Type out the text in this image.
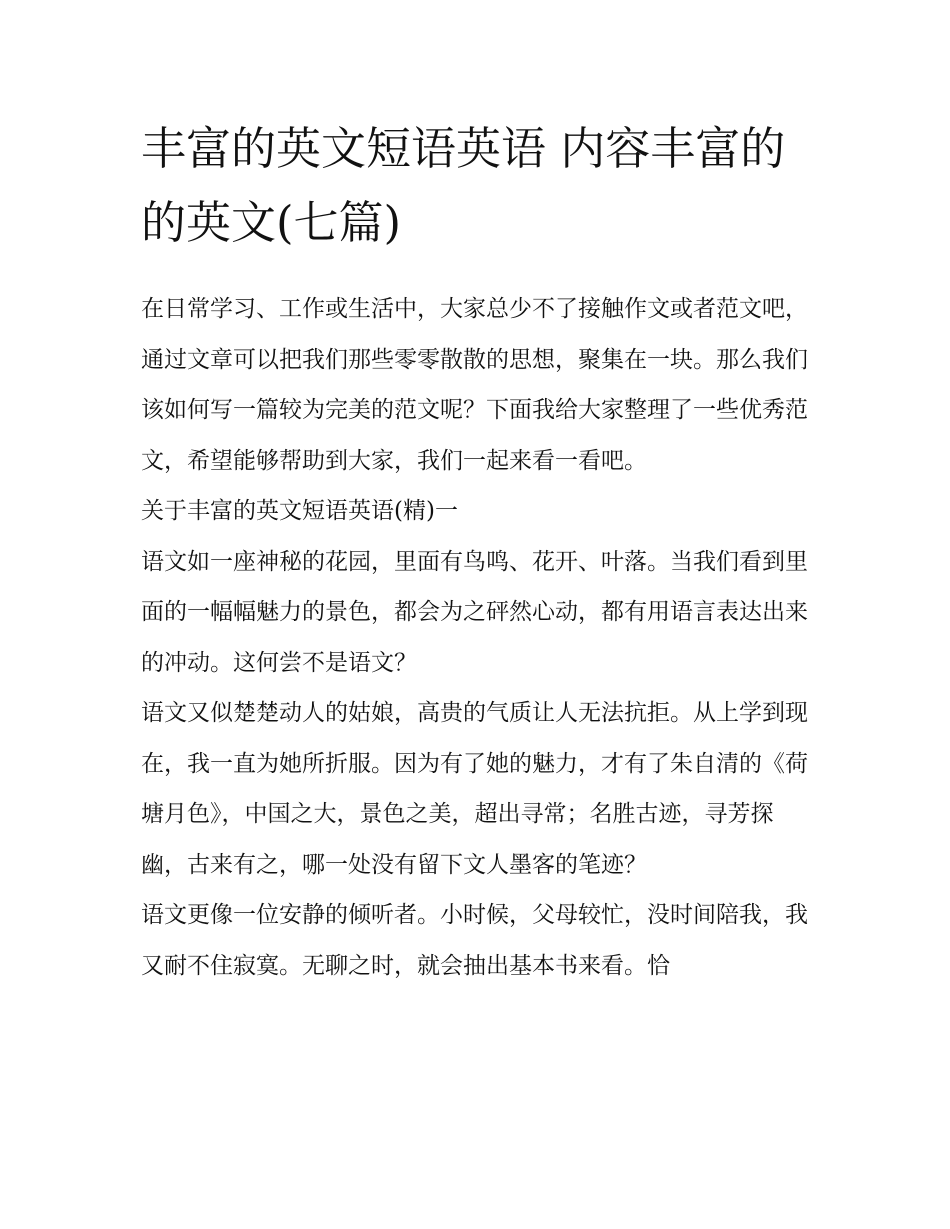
丰富的英文短语英语 内容丰富的的英文(七篇)

在日常学习、工作或生活中，大家总少不了接触作文或者范文吧，通过文章可以把我们那些零零散散的思想，聚集在一块。那么我们该如何写一篇较为完美的范文呢？下面我给大家整理了一些优秀范文，希望能够帮助到大家，我们一起来看一看吧。

关于丰富的英文短语英语(精)一

语文如一座神秘的花园，里面有鸟鸣、花开、叶落。当我们看到里面的一幅幅魅力的景色，都会为之砰然心动，都有用语言表达出来的冲动。这何尝不是语文？

语文又似楚楚动人的姑娘，高贵的气质让人无法抗拒。从上学到现在，我一直为她所折服。因为有了她的魅力，才有了朱自清的《荷塘月色》，中国之大，景色之美，超出寻常；名胜古迹，寻芳探幽，古来有之，哪一处没有留下文人墨客的笔迹？

语文更像一位安静的倾听者。小时候，父母较忙，没时间陪我，我又耐不住寂寞。无聊之时，就会抽出基本书来看。恰
